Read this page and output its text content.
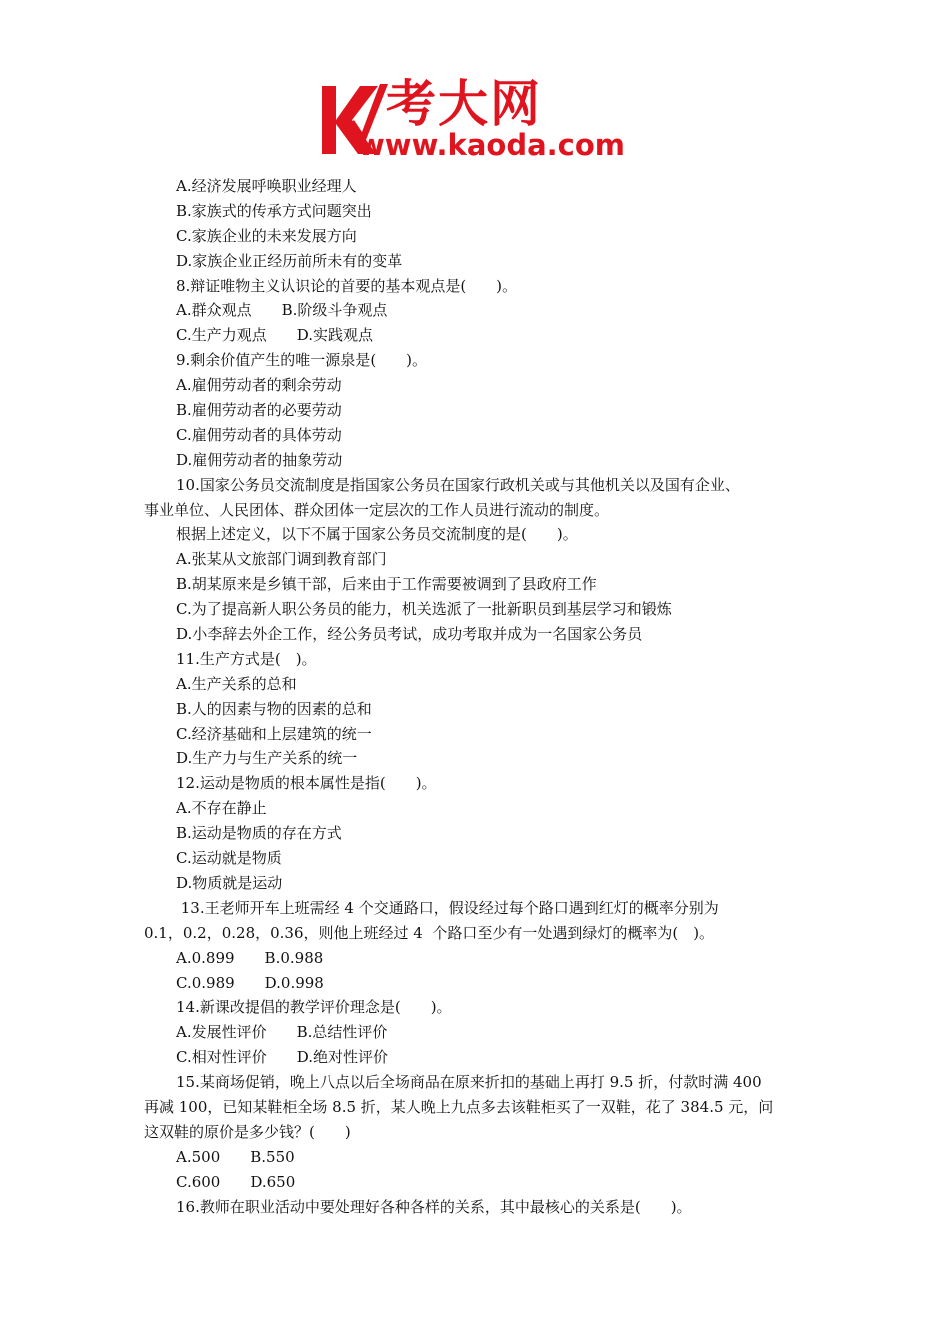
考大网
www.kaoda.com
A.经济发展呼唤职业经理人
B.家族式的传承方式问题突出
C.家族企业的未来发展方向
D.家族企业正经历前所未有的变革
8.辩证唯物主义认识论的首要的基本观点是(　　)。
A.群众观点　　B.阶级斗争观点
C.生产力观点　　D.实践观点
9.剩余价值产生的唯一源泉是(　　)。
A.雇佣劳动者的剩余劳动
B.雇佣劳动者的必要劳动
C.雇佣劳动者的具体劳动
D.雇佣劳动者的抽象劳动
10.国家公务员交流制度是指国家公务员在国家行政机关或与其他机关以及国有企业、
事业单位、人民团体、群众团体一定层次的工作人员进行流动的制度。
根据上述定义，以下不属于国家公务员交流制度的是(　　)。
A.张某从文旅部门调到教育部门
B.胡某原来是乡镇干部，后来由于工作需要被调到了县政府工作
C.为了提高新人职公务员的能力，机关选派了一批新职员到基层学习和锻炼
D.小李辞去外企工作，经公务员考试，成功考取并成为一名国家公务员
11.生产方式是(　)。
A.生产关系的总和
B.人的因素与物的因素的总和
C.经济基础和上层建筑的统一
D.生产力与生产关系的统一
12.运动是物质的根本属性是指(　　)。
A.不存在静止
B.运动是物质的存在方式
C.运动就是物质
D.物质就是运动
13.王老师开车上班需经 4 个交通路口，假设经过每个路口遇到红灯的概率分别为
0.1，0.2，0.28，0.36，则他上班经过 4  个路口至少有一处遇到绿灯的概率为(　)。
A.0.899　　B.0.988
C.0.989　　D.0.998
14.新课改提倡的教学评价理念是(　　)。
A.发展性评价　　B.总结性评价
C.相对性评价　　D.绝对性评价
15.某商场促销，晚上八点以后全场商品在原来折扣的基础上再打 9.5 折，付款时满 400
再减 100，已知某鞋柜全场 8.5 折，某人晚上九点多去该鞋柜买了一双鞋，花了 384.5 元，问
这双鞋的原价是多少钱？(　　)
A.500　　B.550
C.600　　D.650
16.教师在职业活动中要处理好各种各样的关系，其中最核心的关系是(　　)。
